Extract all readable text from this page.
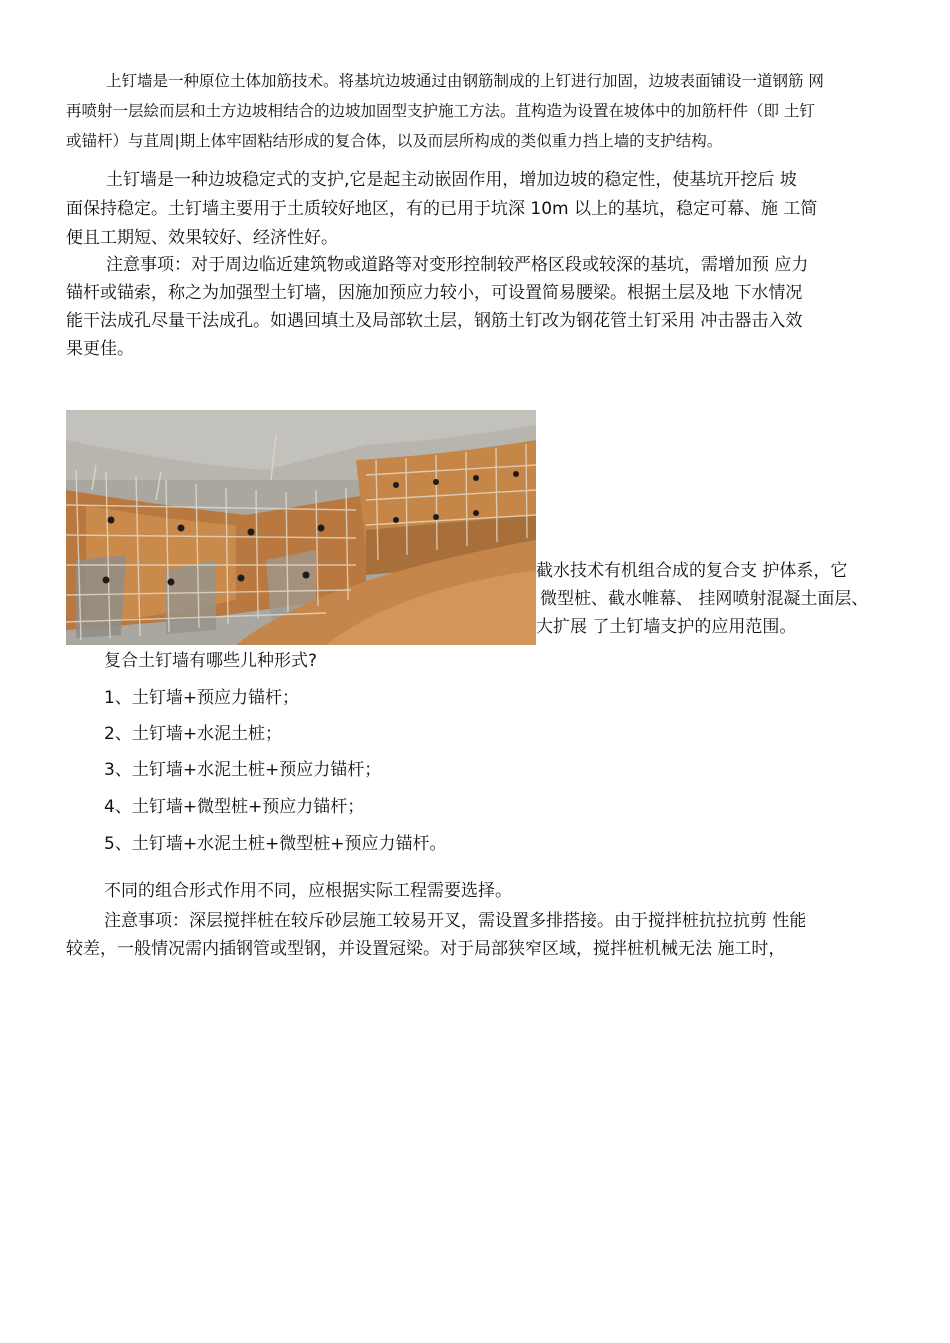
上钉墙是一种原位土体加筋技术。将基坑边坡通过由钢筋制成的上钉进行加固，边坡表面铺设一道钢筋 网
再喷射一层絵而层和土方边坡相结合的边坡加固型支护施工方法。苴构造为设置在坡体中的加筋杆件（即 土钉
或锚杆）与苴周|期上体牢固粘结形成的复合体，以及而层所构成的类似重力挡上墙的支护结构。
土钉墙是一种边坡稳定式的支护,它是起主动嵌固作用，增加边坡的稳定性，使基坑开挖后 坡
面保持稳定。土钉墙主要用于土质较好地区，有的已用于坑深 10m 以上的基坑，稳定可幕、施 工简
便且工期短、效果较好、经济性好。
注意事项：对于周边临近建筑物或道路等对变形控制较严格区段或较深的基坑，需增加预 应力
锚杆或锚索，称之为加强型土钉墙，因施加预应力较小，可设置简易腰梁。根据土层及地 下水情况
能干法成孔尽量干法成孔。如遇回填土及局部软土层，钢筋土钉改为钢花管土钉采用 冲击器击入效
果更佳。
截水技术有机组合成的复合支 护体系，它
微型桩、截水帷幕、 挂网喷射混凝土面层、
大扩展 了土钉墙支护的应用范围。
复合土钉墙有哪些儿种形式?
1、土钉墙+预应力锚杆；
2、土钉墙+水泥土桩；
3、土钉墙+水泥土桩+预应力锚杆；
4、土钉墙+微型桩+预应力锚杆；
5、土钉墙+水泥土桩+微型桩+预应力锚杆。
不同的组合形式作用不同，应根据实际工程需要选择。
注意事项：深层搅拌桩在较斥砂层施工较易开叉，需设置多排搭接。由于搅拌桩抗拉抗剪 性能
较差，一般情况需内插钢管或型钢，并设置冠梁。对于局部狭窄区域，搅拌桩机械无法 施工时，
